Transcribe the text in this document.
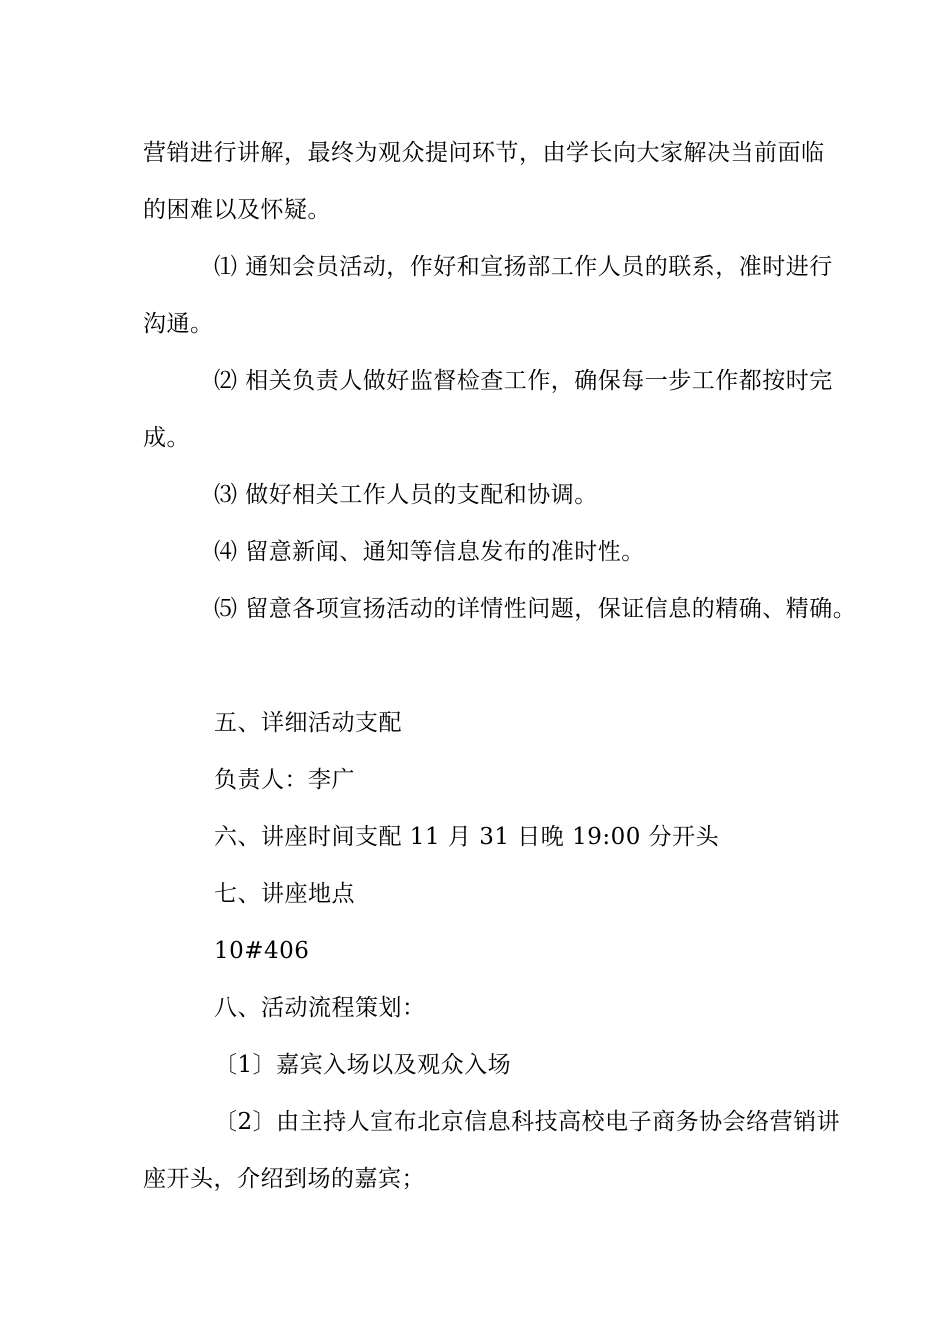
营销进行讲解，最终为观众提问环节，由学长向大家解决当前面临
的困难以及怀疑。
⑴ 通知会员活动，作好和宣扬部工作人员的联系，准时进行
沟通。
⑵ 相关负责人做好监督检查工作，确保每一步工作都按时完
成。
⑶ 做好相关工作人员的支配和协调。
⑷ 留意新闻、通知等信息发布的准时性。
⑸ 留意各项宣扬活动的详情性问题，保证信息的精确、精确。
五、详细活动支配
负责人：李广
六、讲座时间支配 11 月 31 日晚 19:00 分开头
七、讲座地点
10#406
八、活动流程策划：
〔1〕嘉宾入场以及观众入场
〔2〕由主持人宣布北京信息科技高校电子商务协会络营销讲
座开头，介绍到场的嘉宾；
